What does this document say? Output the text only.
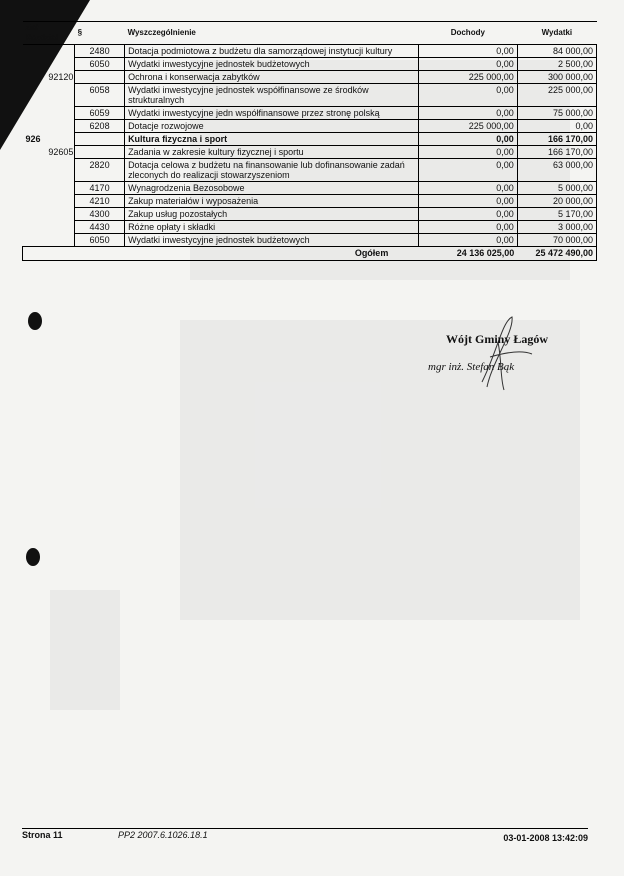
ział Rozdział		§	Wyszczególnienie	Dochody	Wydatki
		2480	Dotacja podmiotowa z budżetu dla samorządowej instytucji kultury	0,00	84 000,00
		6050	Wydatki inwestycyjne jednostek budżetowych	0,00	2 500,00
	92120		Ochrona i konserwacja zabytków	225 000,00	300 000,00
		6058	Wydatki inwestycyjne jednostek współfinansowe ze środków strukturalnych	0,00	225 000,00
		6059	Wydatki inwestycyjne jedn współfinansowe przez stronę polską	0,00	75 000,00
		6208	Dotacje rozwojowe	225 000,00	0,00
926			Kultura fizyczna i sport	0,00	166 170,00
	92605		Zadania w zakresie kultury fizycznej i sportu	0,00	166 170,00
		2820	Dotacja celowa z budżetu na finansowanie lub dofinansowanie zadań zleconych do realizacji stowarzyszeniom	0,00	63 000,00
		4170	Wynagrodzenia Bezosobowe	0,00	5 000,00
		4210	Zakup materiałów i wyposażenia	0,00	20 000,00
		4300	Zakup usług pozostałych	0,00	5 170,00
		4430	Różne opłaty i składki	0,00	3 000,00
		6050	Wydatki inwestycyjne jednostek budżetowych	0,00	70 000,00
Ogółem				24 136 025,00	25 472 490,00
Wójt Gminy Łagów
mgr inż. Stefan Bąk
Strona 11	PP2 2007.6.1026.18.1	03-01-2008 13:42:09
